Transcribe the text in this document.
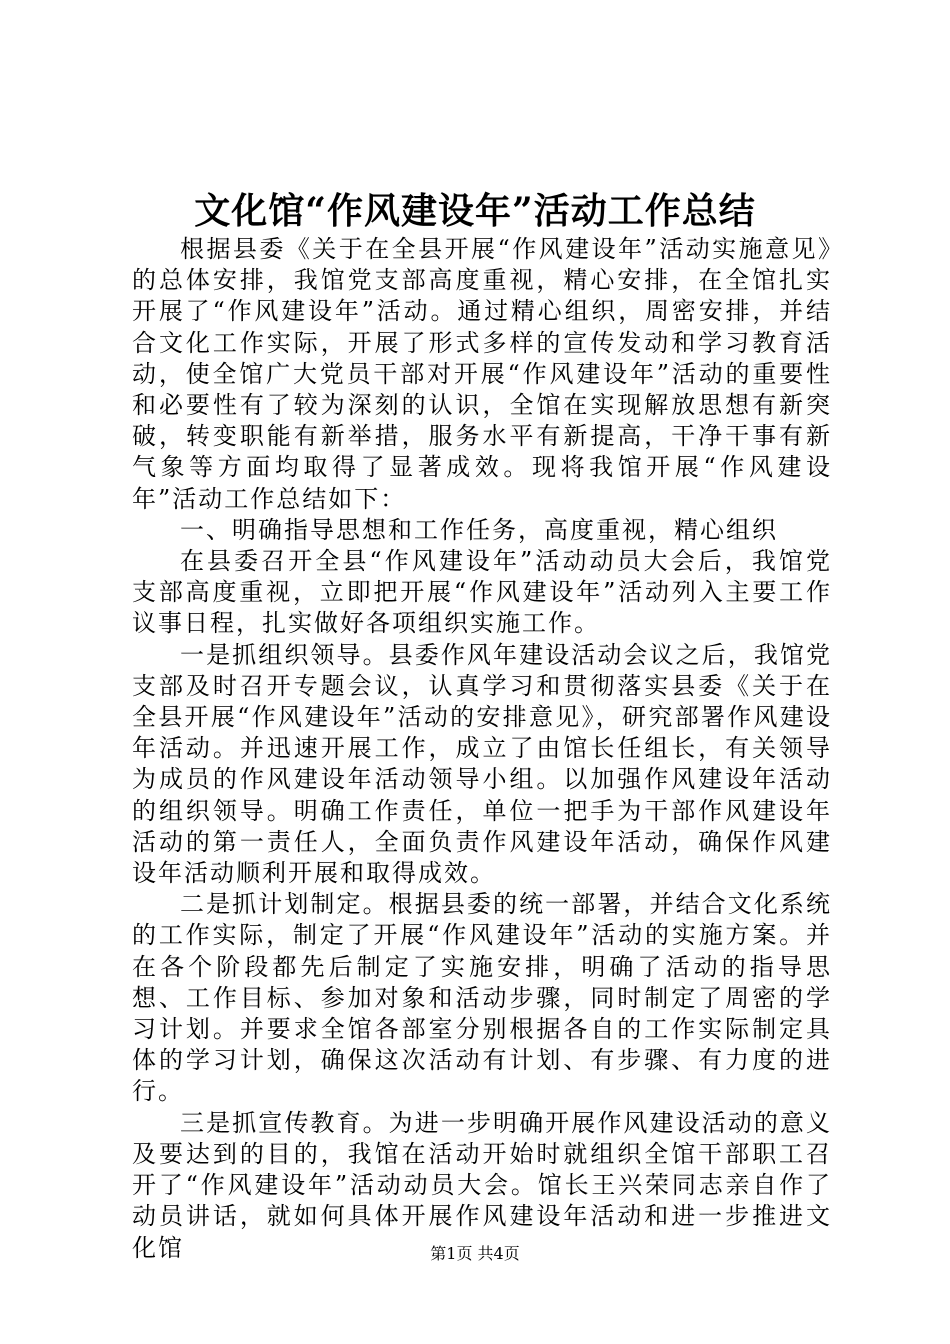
文化馆“作风建设年”活动工作总结

根据县委《关于在全县开展“作风建设年”活动实施意见》的总体安排，我馆党支部高度重视，精心安排，在全馆扎实开展了“作风建设年”活动。通过精心组织，周密安排，并结合文化工作实际，开展了形式多样的宣传发动和学习教育活动，使全馆广大党员干部对开展“作风建设年”活动的重要性和必要性有了较为深刻的认识，全馆在实现解放思想有新突破，转变职能有新举措，服务水平有新提高，干净干事有新气象等方面均取得了显著成效。现将我馆开展“作风建设年”活动工作总结如下：

一、明确指导思想和工作任务，高度重视，精心组织

在县委召开全县“作风建设年”活动动员大会后，我馆党支部高度重视，立即把开展“作风建设年”活动列入主要工作议事日程，扎实做好各项组织实施工作。

一是抓组织领导。县委作风年建设活动会议之后，我馆党支部及时召开专题会议，认真学习和贯彻落实县委《关于在全县开展“作风建设年”活动的安排意见》，研究部署作风建设年活动。并迅速开展工作，成立了由馆长任组长，有关领导为成员的作风建设年活动领导小组。以加强作风建设年活动的组织领导。明确工作责任，单位一把手为干部作风建设年活动的第一责任人，全面负责作风建设年活动，确保作风建设年活动顺利开展和取得成效。

二是抓计划制定。根据县委的统一部署，并结合文化系统的工作实际，制定了开展“作风建设年”活动的实施方案。并在各个阶段都先后制定了实施安排，明确了活动的指导思想、工作目标、参加对象和活动步骤，同时制定了周密的学习计划。并要求全馆各部室分别根据各自的工作实际制定具体的学习计划，确保这次活动有计划、有步骤、有力度的进行。

三是抓宣传教育。为进一步明确开展作风建设活动的意义及要达到的目的，我馆在活动开始时就组织全馆干部职工召开了“作风建设年”活动动员大会。馆长王兴荣同志亲自作了动员讲话，就如何具体开展作风建设年活动和进一步推进文化馆	第1页 共4页
